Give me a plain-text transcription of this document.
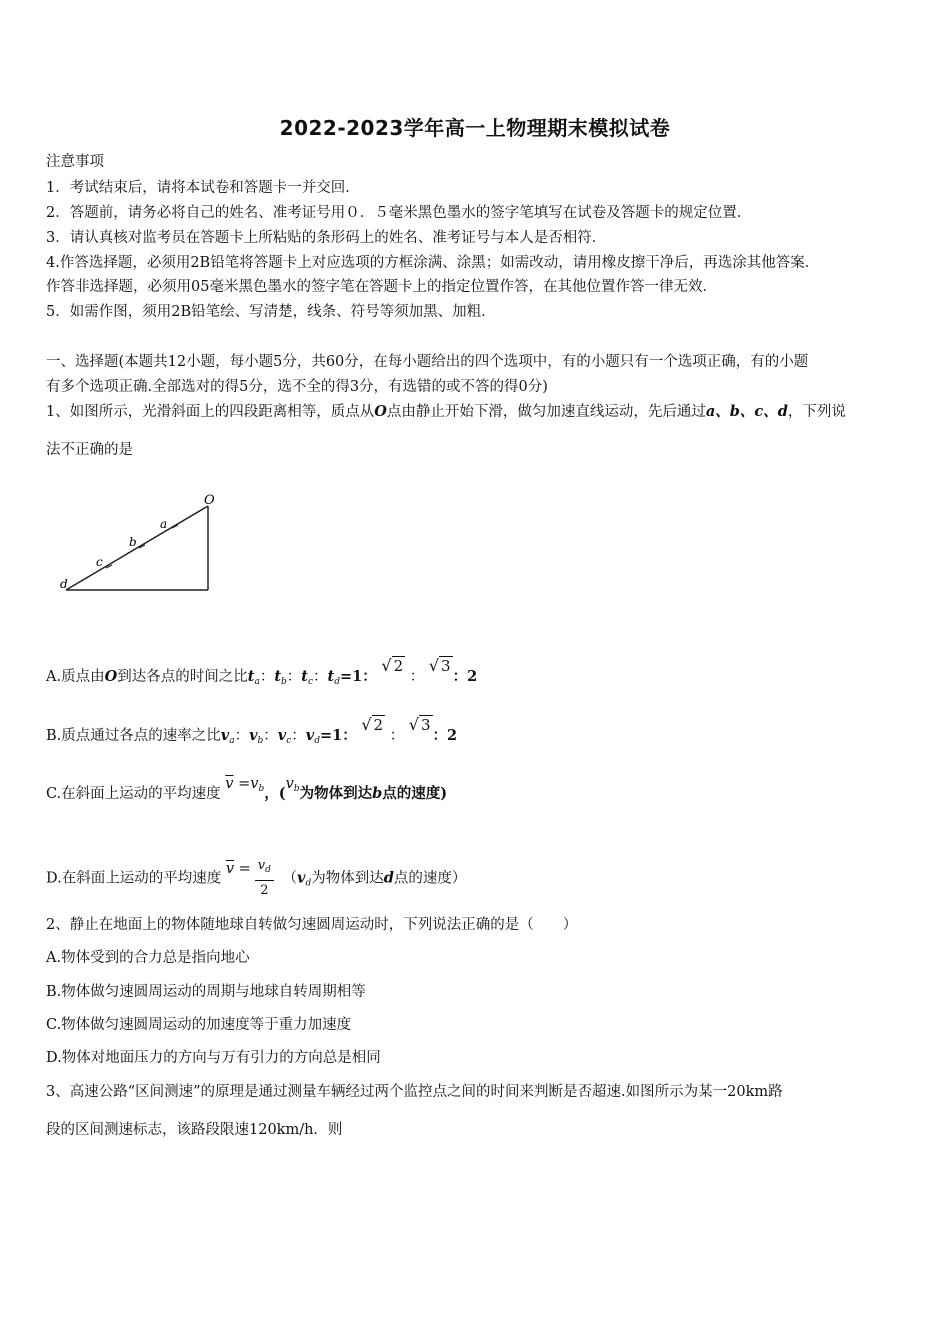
2022-2023学年高一上物理期末模拟试卷
注意事项
1．考试结束后，请将本试卷和答题卡一并交回．
2．答题前，请务必将自己的姓名、准考证号用０．５毫米黑色墨水的签字笔填写在试卷及答题卡的规定位置．
3．请认真核对监考员在答题卡上所粘贴的条形码上的姓名、准考证号与本人是否相符．
4.作答选择题，必须用2B铅笔将答题卡上对应选项的方框涂满、涂黑；如需改动，请用橡皮擦干净后，再选涂其他答案．
作答非选择题，必须用05毫米黑色墨水的签字笔在答题卡上的指定位置作答，在其他位置作答一律无效．
5．如需作图，须用2B铅笔绘、写清楚，线条、符号等须加黑、加粗．
一、选择题(本题共12小题，每小题5分，共60分，在每小题给出的四个选项中，有的小题只有一个选项正确，有的小题
有多个选项正确.全部选对的得5分，选不全的得3分，有选错的或不答的得0分)
1、如图所示，光滑斜面上的四段距离相等，质点从O点由静止开始下滑，做匀加速直线运动，先后通过a、b、c、d，下列说
法不正确的是
O
a
b
c
d
A.质点由O到达各点的时间之比$t_a$：$t_b$：$t_c$：$t_d=1$： √ 2 ： √ 3：2
B.质点通过各点的速率之比$v_a$：$v_b$：$v_c$：$v_d=1$： √ 2 ： √ 3：2
C.在斜面上运动的平均速度 $\overline{v} =v_b$，($v_b$为物体到达b点的速度)
D.在斜面上运动的平均速度 $\overline{v} = \frac{v_d}{2} (v_d$为物体到达d点的速度）
2、静止在地面上的物体随地球自转做匀速圆周运动时，下列说法正确的是（　　）
A.物体受到的合力总是指向地心
B.物体做匀速圆周运动的周期与地球自转周期相等
C.物体做匀速圆周运动的加速度等于重力加速度
D.物体对地面压力的方向与万有引力的方向总是相同
3、高速公路“区间测速”的原理是通过测量车辆经过两个监控点之间的时间来判断是否超速.如图所示为某一20km路
段的区间测速标志，该路段限速120km/h．则
